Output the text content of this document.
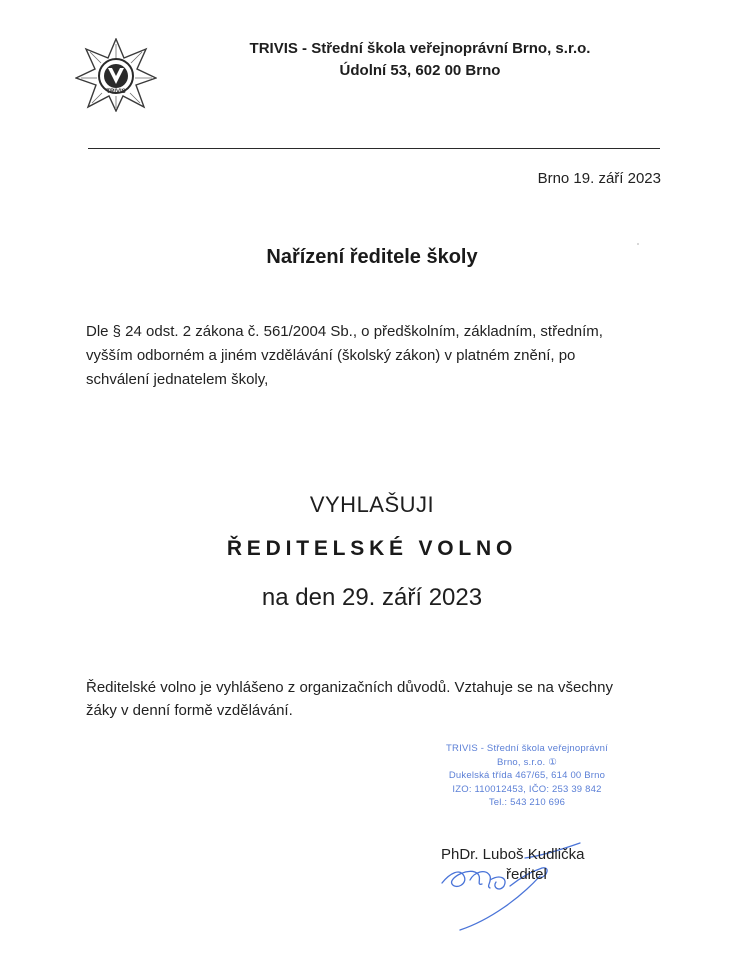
TRIVIS
TRIVIS - Střední škola veřejnoprávní Brno, s.r.o.
Údolní 53, 602 00 Brno
Brno 19. září 2023
Nařízení ředitele školy
Dle § 24 odst. 2 zákona č. 561/2004 Sb., o předškolním, základním, středním,
vyšším odborném a jiném vzdělávání (školský zákon) v platném znění, po
schválení jednatelem školy,
VYHLAŠUJI
ŘEDITELSKÉ VOLNO
na den 29. září 2023
Ředitelské volno je vyhlášeno z organizačních důvodů. Vztahuje se na všechny
žáky v denní formě vzdělávání.
TRIVIS - Střední škola veřejnoprávní
Brno, s.r.o. ①
Dukelská třída 467/65, 614 00 Brno
IZO: 110012453, IČO: 253 39 842
Tel.: 543 210 696
PhDr. Luboš Kudlička
ředitel
